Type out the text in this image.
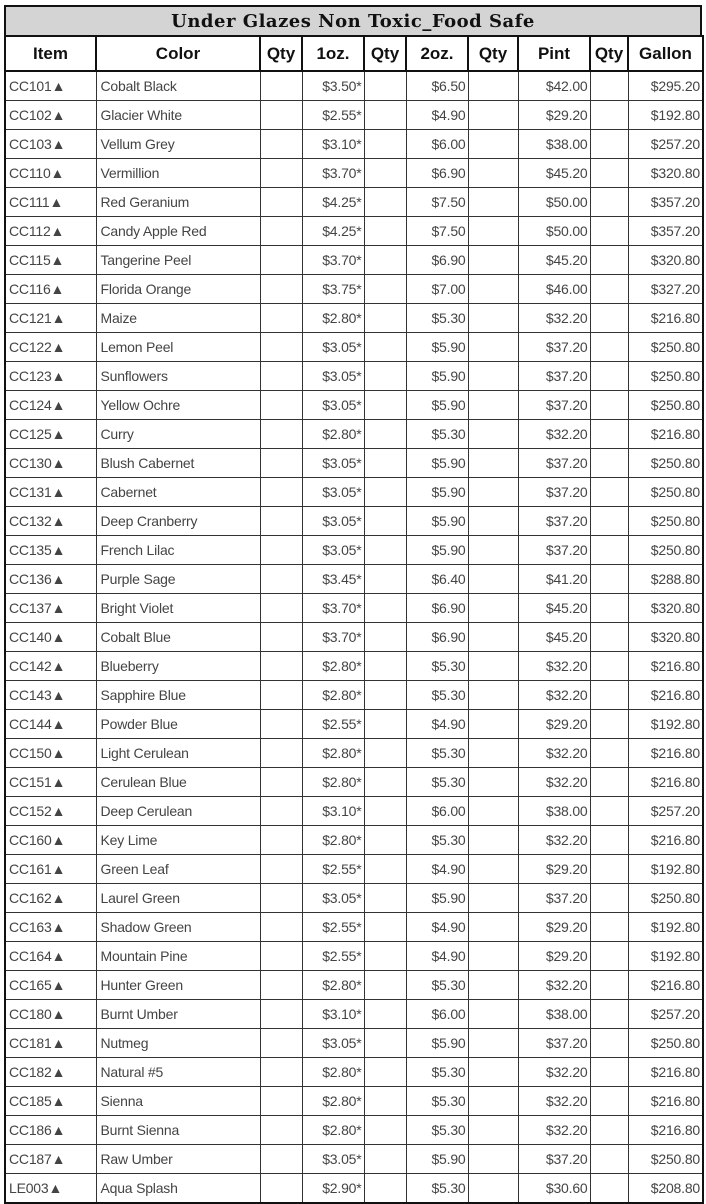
Under Glazes Non Toxic_Food Safe
Item	Color	Qty	1oz.	Qty	2oz.	Qty	Pint	Qty	Gallon
CC101▲	Cobalt Black		$3.50*		$6.50		$42.00		$295.20
CC102▲	Glacier White		$2.55*		$4.90		$29.20		$192.80
CC103▲	Vellum Grey		$3.10*		$6.00		$38.00		$257.20
CC110▲	Vermillion		$3.70*		$6.90		$45.20		$320.80
CC111▲	Red Geranium		$4.25*		$7.50		$50.00		$357.20
CC112▲	Candy Apple Red		$4.25*		$7.50		$50.00		$357.20
CC115▲	Tangerine Peel		$3.70*		$6.90		$45.20		$320.80
CC116▲	Florida Orange		$3.75*		$7.00		$46.00		$327.20
CC121▲	Maize		$2.80*		$5.30		$32.20		$216.80
CC122▲	Lemon Peel		$3.05*		$5.90		$37.20		$250.80
CC123▲	Sunflowers		$3.05*		$5.90		$37.20		$250.80
CC124▲	Yellow Ochre		$3.05*		$5.90		$37.20		$250.80
CC125▲	Curry		$2.80*		$5.30		$32.20		$216.80
CC130▲	Blush Cabernet		$3.05*		$5.90		$37.20		$250.80
CC131▲	Cabernet		$3.05*		$5.90		$37.20		$250.80
CC132▲	Deep Cranberry		$3.05*		$5.90		$37.20		$250.80
CC135▲	French Lilac		$3.05*		$5.90		$37.20		$250.80
CC136▲	Purple Sage		$3.45*		$6.40		$41.20		$288.80
CC137▲	Bright Violet		$3.70*		$6.90		$45.20		$320.80
CC140▲	Cobalt Blue		$3.70*		$6.90		$45.20		$320.80
CC142▲	Blueberry		$2.80*		$5.30		$32.20		$216.80
CC143▲	Sapphire Blue		$2.80*		$5.30		$32.20		$216.80
CC144▲	Powder Blue		$2.55*		$4.90		$29.20		$192.80
CC150▲	Light Cerulean		$2.80*		$5.30		$32.20		$216.80
CC151▲	Cerulean Blue		$2.80*		$5.30		$32.20		$216.80
CC152▲	Deep Cerulean		$3.10*		$6.00		$38.00		$257.20
CC160▲	Key Lime		$2.80*		$5.30		$32.20		$216.80
CC161▲	Green Leaf		$2.55*		$4.90		$29.20		$192.80
CC162▲	Laurel Green		$3.05*		$5.90		$37.20		$250.80
CC163▲	Shadow Green		$2.55*		$4.90		$29.20		$192.80
CC164▲	Mountain Pine		$2.55*		$4.90		$29.20		$192.80
CC165▲	Hunter Green		$2.80*		$5.30		$32.20		$216.80
CC180▲	Burnt Umber		$3.10*		$6.00		$38.00		$257.20
CC181▲	Nutmeg		$3.05*		$5.90		$37.20		$250.80
CC182▲	Natural #5		$2.80*		$5.30		$32.20		$216.80
CC185▲	Sienna		$2.80*		$5.30		$32.20		$216.80
CC186▲	Burnt Sienna		$2.80*		$5.30		$32.20		$216.80
CC187▲	Raw Umber		$3.05*		$5.90		$37.20		$250.80
LE003▲	Aqua Splash		$2.90*		$5.30		$30.60		$208.80
